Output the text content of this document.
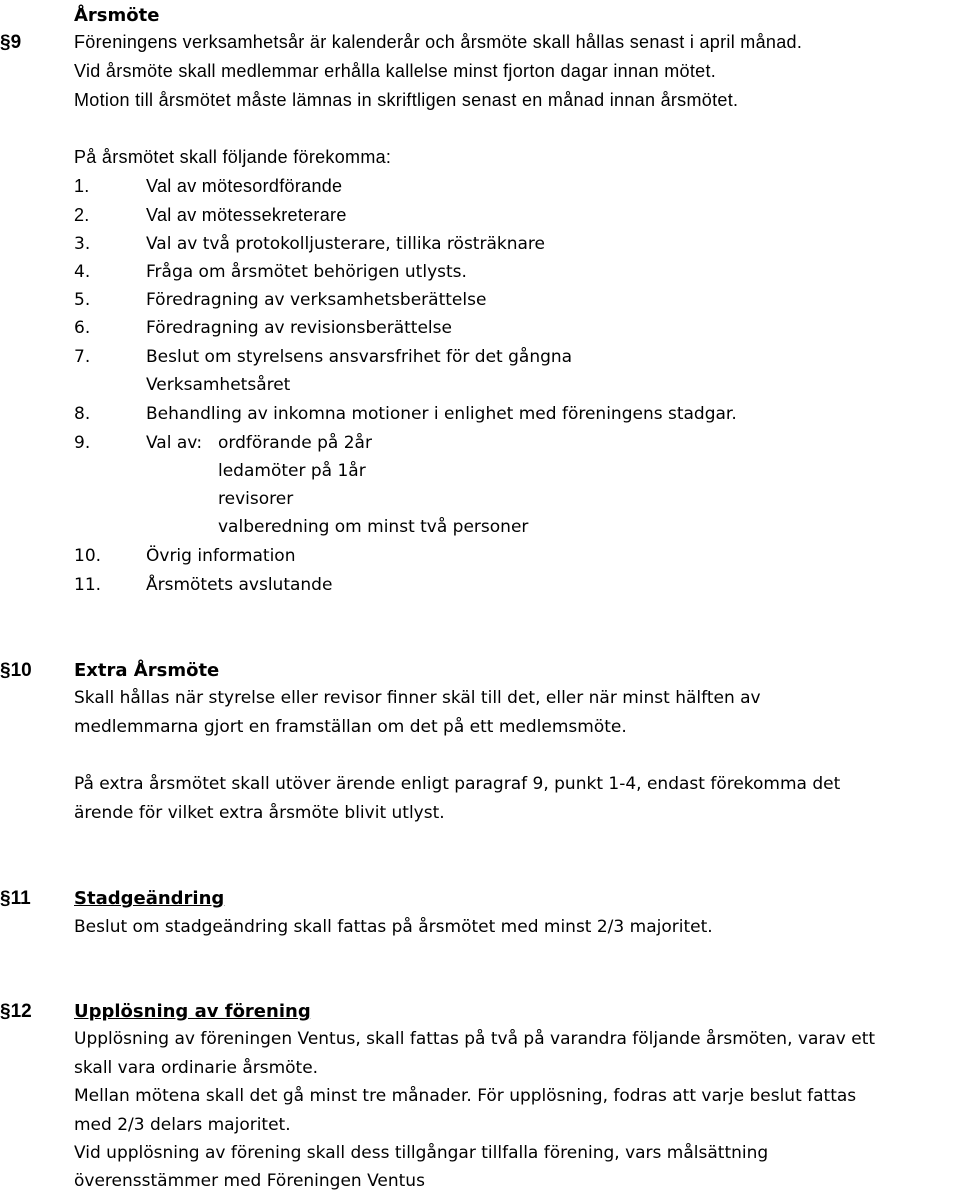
Årsmöte
§9	Föreningens verksamhetsår är kalenderår och årsmöte skall hållas senast i april månad.
Vid årsmöte skall medlemmar erhålla kallelse minst fjorton dagar innan mötet.
Motion till årsmötet måste lämnas in skriftligen senast en månad innan årsmötet.
På årsmötet skall följande förekomma:
1.	Val av mötesordförande
2.	Val av mötessekreterare
3.	Val av två protokolljusterare, tillika rösträknare
4.	Fråga om årsmötet behörigen utlysts.
5.	Föredragning av verksamhetsberättelse
6.	Föredragning av revisionsberättelse
7.	Beslut om styrelsens ansvarsfrihet för det gångna
Verksamhetsåret
8.	Behandling av inkomna motioner i enlighet med föreningens stadgar.
9.	Val av: ordförande på 2år
ledamöter på 1år
revisorer
valberedning om minst två personer
10.	Övrig information
11.	Årsmötets avslutande
§10 Extra Årsmöte
Skall hållas när styrelse eller revisor finner skäl till det, eller när minst hälften av
medlemmarna gjort en framställan om det på ett medlemsmöte.
På extra årsmötet skall utöver ärende enligt paragraf 9, punkt 1-4, endast förekomma det
ärende för vilket extra årsmöte blivit utlyst.
§11 Stadgeändring
Beslut om stadgeändring skall fattas på årsmötet med minst 2/3 majoritet.
§12 Upplösning av förening
Upplösning av föreningen Ventus, skall fattas på två på varandra följande årsmöten, varav ett
skall vara ordinarie årsmöte.
Mellan mötena skall det gå minst tre månader. För upplösning, fodras att varje beslut fattas
med 2/3 delars majoritet.
Vid upplösning av förening skall dess tillgångar tillfalla förening, vars målsättning
överensstämmer med Föreningen Ventus
